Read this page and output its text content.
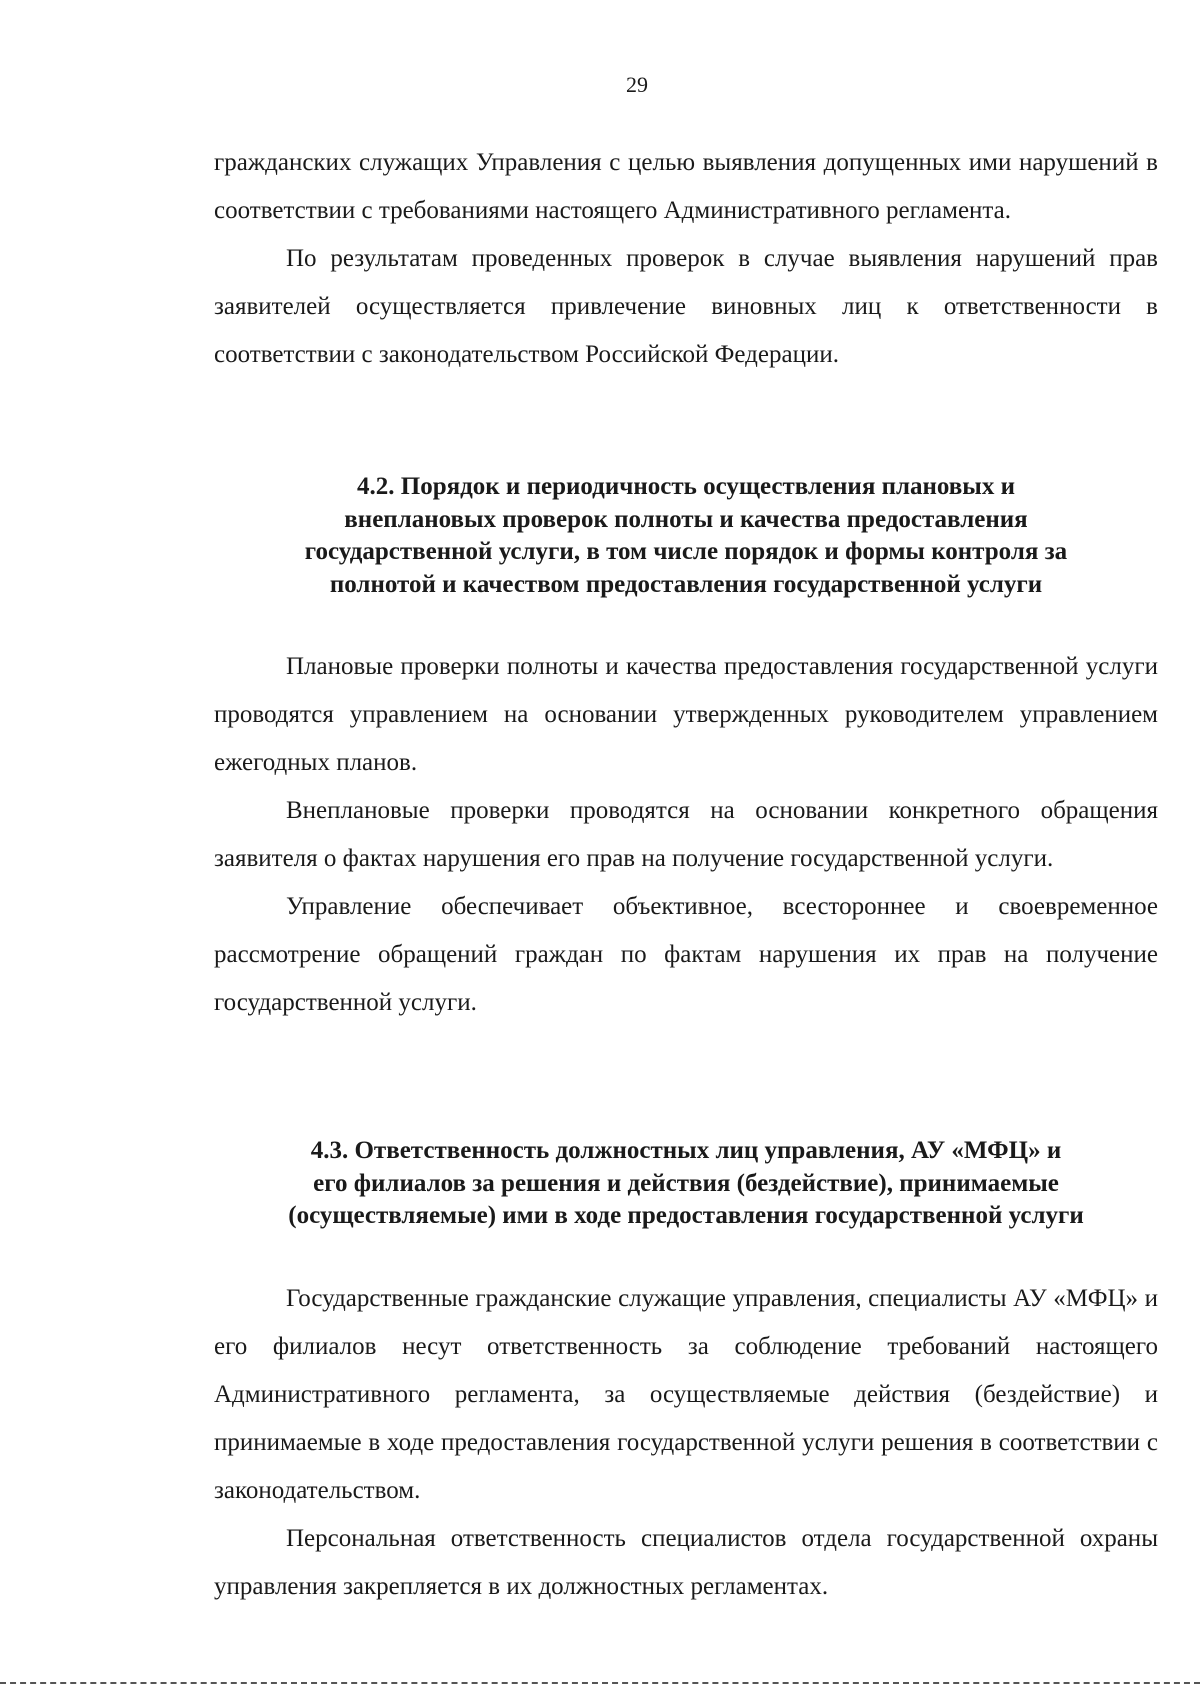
29

гражданских служащих Управления с целью выявления допущенных ими нарушений в соответствии с требованиями настоящего Административного регламента.

По результатам проведенных проверок в случае выявления нарушений прав заявителей осуществляется привлечение виновных лиц к ответственности в соответствии с законодательством Российской Федерации.

4.2. Порядок и периодичность осуществления плановых и
внеплановых проверок полноты и качества предоставления
государственной услуги, в том числе порядок и формы контроля за
полнотой и качеством предоставления государственной услуги

Плановые проверки полноты и качества предоставления государственной услуги проводятся управлением на основании утвержденных руководителем управлением ежегодных планов.

Внеплановые проверки проводятся на основании конкретного обращения заявителя о фактах нарушения его прав на получение государственной услуги.

Управление обеспечивает объективное, всестороннее и своевременное рассмотрение обращений граждан по фактам нарушения их прав на получение государственной услуги.

4.3. Ответственность должностных лиц управления, АУ «МФЦ» и
его филиалов за решения и действия (бездействие), принимаемые
(осуществляемые) ими в ходе предоставления государственной услуги

Государственные гражданские служащие управления, специалисты АУ «МФЦ» и его филиалов несут ответственность за соблюдение требований настоящего Административного регламента, за осуществляемые действия (бездействие) и принимаемые в ходе предоставления государственной услуги решения в соответствии с законодательством.

Персональная ответственность специалистов отдела государственной охраны управления закрепляется в их должностных регламентах.
